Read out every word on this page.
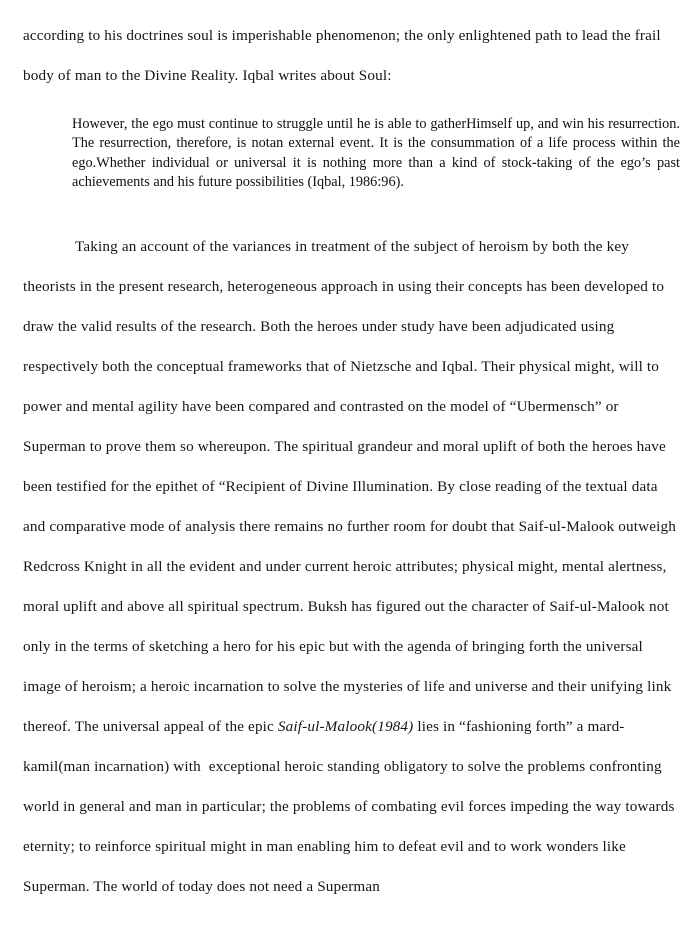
according to his doctrines soul is imperishable phenomenon; the only enlightened path to lead the frail body of man to the Divine Reality. Iqbal writes about Soul:

However, the ego must continue to struggle until he is able to gatherHimself up, and win his resurrection. The resurrection, therefore, is notan external event. It is the consummation of a life process within the ego.Whether individual or universal it is nothing more than a kind of stock-taking of the ego’s past achievements and his future possibilities (Iqbal, 1986:96).

Taking an account of the variances in treatment of the subject of heroism by both the key theorists in the present research, heterogeneous approach in using their concepts has been developed to draw the valid results of the research. Both the heroes under study have been adjudicated using respectively both the conceptual frameworks that of Nietzsche and Iqbal. Their physical might, will to power and mental agility have been compared and contrasted on the model of “Ubermensch” or Superman to prove them so whereupon. The spiritual grandeur and moral uplift of both the heroes have been testified for the epithet of “Recipient of Divine Illumination. By close reading of the textual data and comparative mode of analysis there remains no further room for doubt that Saif-ul-Malook outweigh Redcross Knight in all the evident and under current heroic attributes; physical might, mental alertness, moral uplift and above all spiritual spectrum. Buksh has figured out the character of Saif-ul-Malook not only in the terms of sketching a hero for his epic but with the agenda of bringing forth the universal image of heroism; a heroic incarnation to solve the mysteries of life and universe and their unifying link thereof. The universal appeal of the epic Saif-ul-Malook(1984) lies in “fashioning forth” a mard- kamil(man incarnation) with exceptional heroic standing obligatory to solve the problems confronting world in general and man in particular; the problems of combating evil forces impeding the way towards eternity; to reinforce spiritual might in man enabling him to defeat evil and to work wonders like Superman. The world of today does not need a Superman
